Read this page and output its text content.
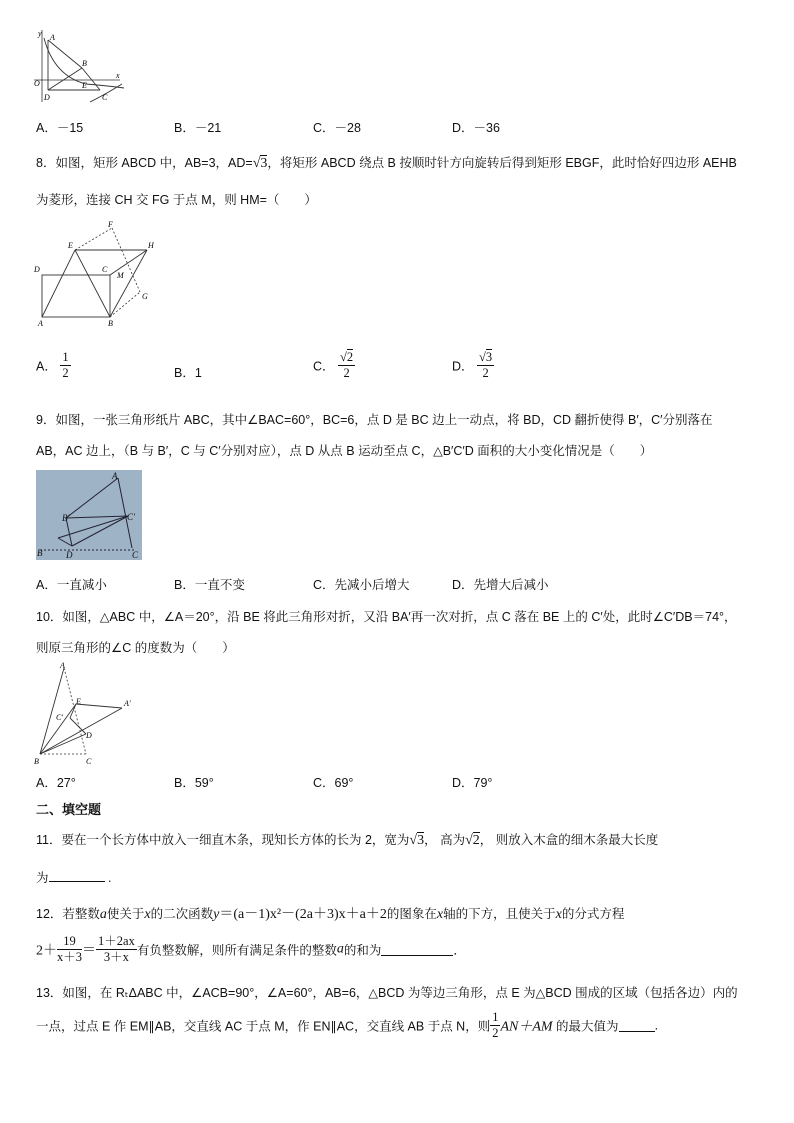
y
x
O
A
B
D
E
C
A．－15	B．－21	C．－28	D．－36
8．如图，矩形 ABCD 中，AB=3，AD=√3，将矩形 ABCD 绕点 B 按顺时针方向旋转后得到矩形 EBGF，此时恰好四边形 AEHB
为菱形，连接 CH 交 FG 于点 M，则 HM=（　　）
F
E	H
D	C
M
G
A	B
A． $\frac{1}{2}$	B．1	C． $\frac{√2}{2}$	D． $\frac{√3}{2}$
9．如图，一张三角形纸片 ABC，其中∠BAC=60°，BC=6，点 D 是 BC 边上一动点，将 BD，CD 翻折使得 B′，C′分别落在
AB，AC 边上，（B 与 B′，C 与 C′分别对应），点 D 从点 B 运动至点 C，△B′C′D 面积的大小变化情况是（　　）
A
B′	C′
B	D	C
A．一直减小	B．一直不变	C．先减小后增大	D．先增大后减小
10．如图，△ABC 中，∠A＝20°，沿 BE 将此三角形对折，又沿 BA′再一次对折，点 C 落在 BE 上的 C′处，此时∠C′DB＝74°，
则原三角形的∠C 的度数为（　　）
A
E	A′
C′
D
B	C
A．27°	B．59°	C．69°	D．79°
二、填空题
11．要在一个长方体中放入一细直木条，现知长方体的长为 2，宽为√3， 高为√2， 则放入木盒的细木条最大长度
为	.
12．若整数a使关于x的二次函数y＝(a－1)x²－(2a＋3)x＋a＋2的图象在x轴的下方，且使关于x的分式方程
$2+ \frac{19}{x+3} = \frac{1+2ax}{3+x}$ 有负整数解，则所有满足条件的整数a的和为	．
13．如图，在 RₜΔABC 中，∠ACB=90°，∠A=60°，AB=6，△BCD 为等边三角形，点 E 为△BCD 围成的区域（包括各边）内的
一点，过点 E 作 EM∥AB，交直线 AC 于点 M，作 EN∥AC，交直线 AB 于点 N，则 $\frac{1}{2} AN+AM$ 的最大值为	.
